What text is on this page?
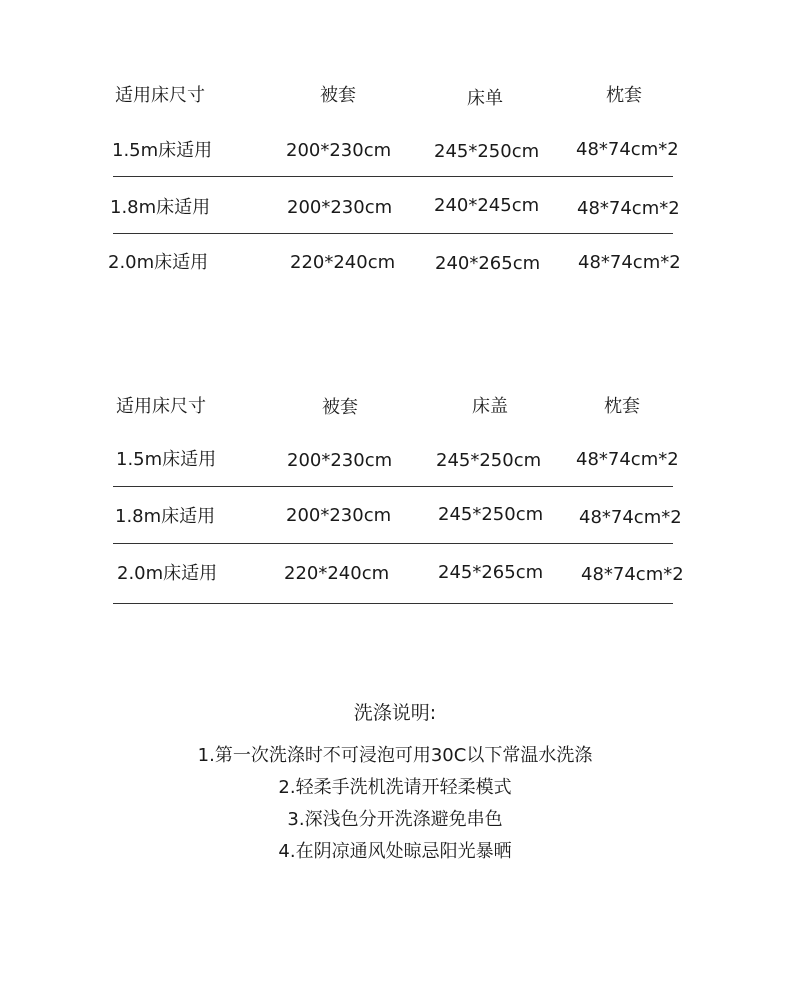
适用床尺寸	被套	床单	枕套
1.5m床适用	200*230cm 245*250cm 48*74cm*2
1.8m床适用	200*230cm 240*245cm 48*74cm*2
2.0m床适用	220*240cm 240*265cm 48*74cm*2
适用床尺寸	被套	床盖	枕套
1.5m床适用	200*230cm 245*250cm 48*74cm*2
1.8m床适用	200*230cm	245*250cm 48*74cm*2
2.0m床适用	220*240cm	245*265cm 48*74cm*2
洗涤说明:
1.第一次洗涤时不可浸泡可用30C以下常温水洗涤
2.轻柔手洗机洗请开轻柔模式
3.深浅色分开洗涤避免串色
4.在阴凉通风处晾忌阳光暴晒
